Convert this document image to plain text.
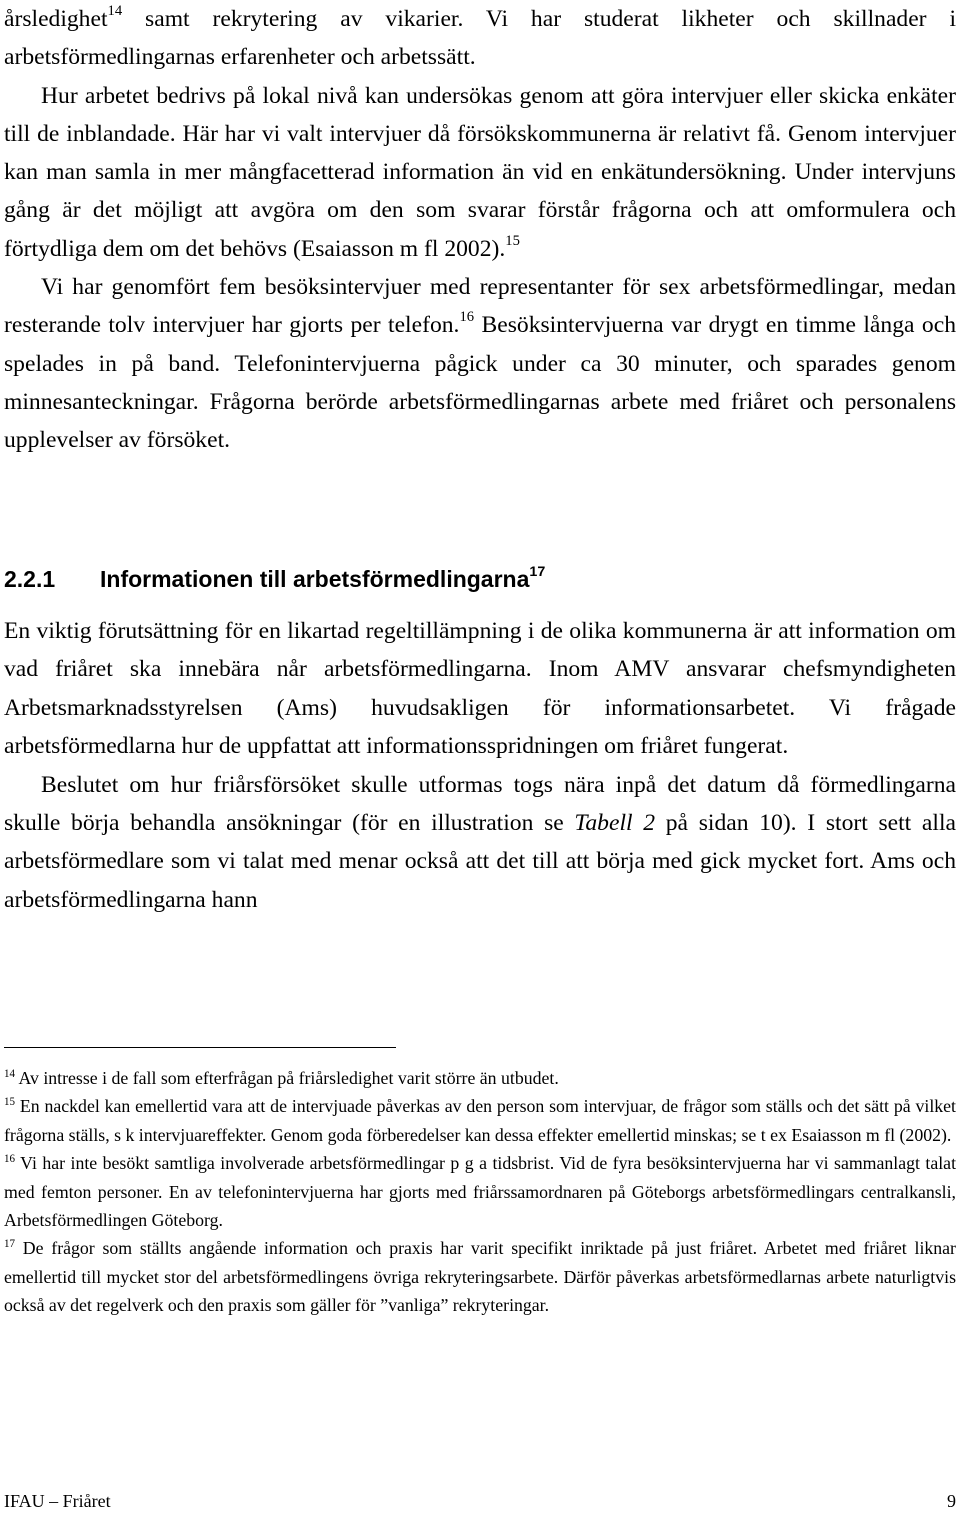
årsledighet$^{14}$ samt rekrytering av vikarier. Vi har studerat likheter och skillnader i arbetsförmedlingarnas erfarenheter och arbetssätt.

Hur arbetet bedrivs på lokal nivå kan undersökas genom att göra intervjuer eller skicka enkäter till de inblandade. Här har vi valt intervjuer då försökskommunerna är relativt få. Genom intervjuer kan man samla in mer mångfacetterad information än vid en enkätundersökning. Under intervjuns gång är det möjligt att avgöra om den som svarar förstår frågorna och att omformulera och förtydliga dem om det behövs (Esaiasson m fl 2002).$^{15}$

Vi har genomfört fem besöksintervjuer med representanter för sex arbetsförmedlingar, medan resterande tolv intervjuer har gjorts per telefon.$^{16}$ Besöksintervjuerna var drygt en timme långa och spelades in på band. Telefonintervjuerna pågick under ca 30 minuter, och sparades genom minnesanteckningar. Frågorna berörde arbetsförmedlingarnas arbete med friåret och personalens upplevelser av försöket.

2.2.1 Informationen till arbetsförmedlingarna$^{17}$

En viktig förutsättning för en likartad regeltillämpning i de olika kommunerna är att information om vad friåret ska innebära når arbetsförmedlingarna. Inom AMV ansvarar chefsmyndigheten Arbetsmarknadsstyrelsen (Ams) huvudsakligen för informationsarbetet. Vi frågade arbetsförmedlarna hur de uppfattat att informationsspridningen om friåret fungerat.

Beslutet om hur friårsförsöket skulle utformas togs nära inpå det datum då förmedlingarna skulle börja behandla ansökningar (för en illustration se Tabell 2 på sidan 10). I stort sett alla arbetsförmedlare som vi talat med menar också att det till att börja med gick mycket fort. Ams och arbetsförmedlingarna hann

$^{14}$ Av intresse i de fall som efterfrågan på friårsledighet varit större än utbudet.

$^{15}$ En nackdel kan emellertid vara att de intervjuade påverkas av den person som intervjuar, de frågor som ställs och det sätt på vilket frågorna ställs, s k intervjuareffekter. Genom goda förberedelser kan dessa effekter emellertid minskas; se t ex Esaiasson m fl (2002).

$^{16}$ Vi har inte besökt samtliga involverade arbetsförmedlingar p g a tidsbrist. Vid de fyra besöksintervjuerna har vi sammanlagt talat med femton personer. En av telefonintervjuerna har gjorts med friårssamordnaren på Göteborgs arbetsförmedlingars centralkansli, Arbetsförmedlingen Göteborg.

$^{17}$ De frågor som ställts angående information och praxis har varit specifikt inriktade på just friåret. Arbetet med friåret liknar emellertid till mycket stor del arbetsförmedlingens övriga rekryteringsarbete. Därför påverkas arbetsförmedlarnas arbete naturligtvis också av det regelverk och den praxis som gäller för ”vanliga” rekryteringar.

IFAU – Friåret	9
